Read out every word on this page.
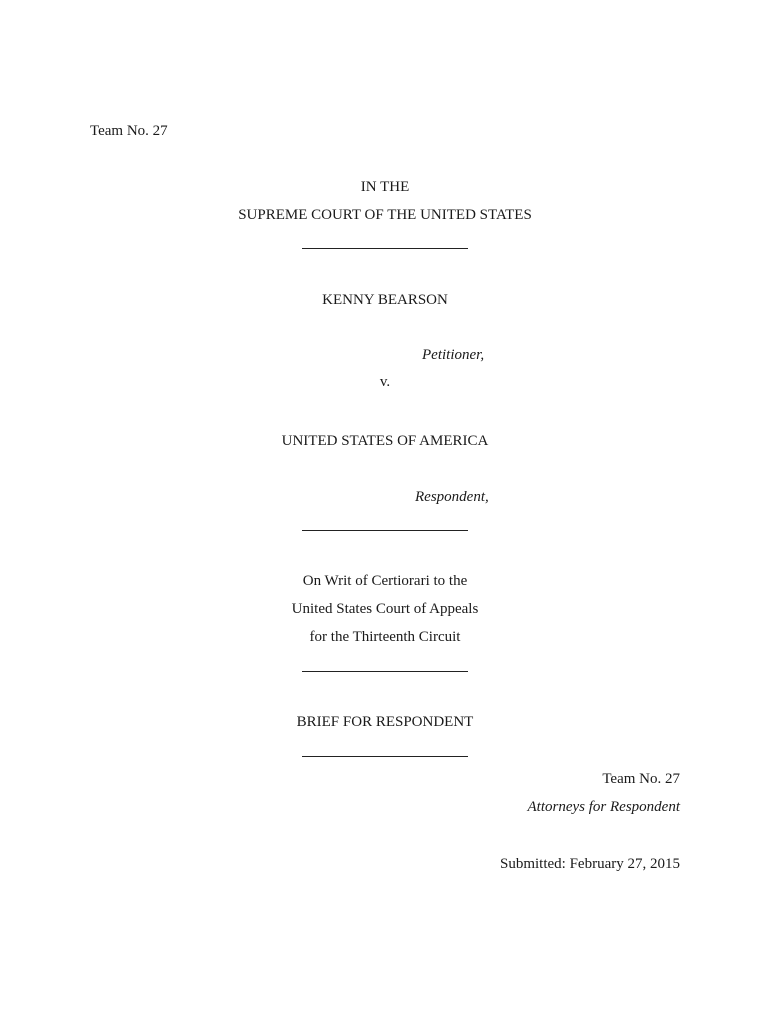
Team No. 27
IN THE
SUPREME COURT OF THE UNITED STATES
KENNY BEARSON
Petitioner,
v.
UNITED STATES OF AMERICA
Respondent,
On Writ of Certiorari to the
United States Court of Appeals
for the Thirteenth Circuit
BRIEF FOR RESPONDENT
Team No. 27
Attorneys for Respondent
Submitted: February 27, 2015
